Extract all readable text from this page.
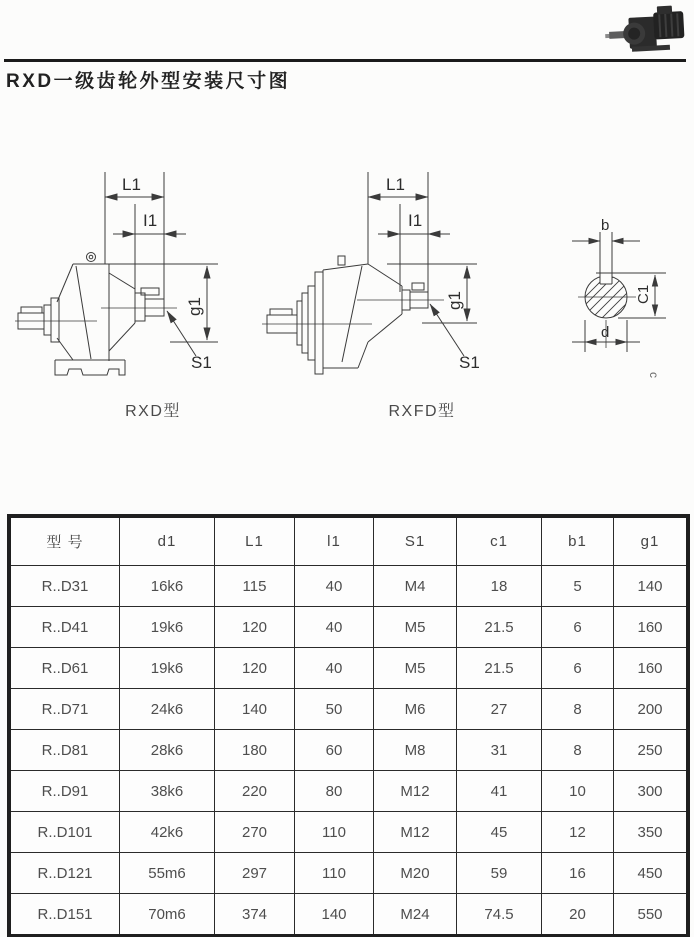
RXD一级齿轮外型安装尺寸图
L1
I1
g1
S1
RXD型
L1
I1
g1
S1
RXFD型
b
C1
d
c
型 号	d1	L1	l1	S1	c1	b1	g1
R..D31	16k6	115	40	M4	18	5	140
R..D41	19k6	120	40	M5	21.5	6	160
R..D61	19k6	120	40	M5	21.5	6	160
R..D71	24k6	140	50	M6	27	8	200
R..D81	28k6	180	60	M8	31	8	250
R..D91	38k6	220	80	M12	41	10	300
R..D101	42k6	270	110	M12	45	12	350
R..D121	55m6	297	110	M20	59	16	450
R..D151	70m6	374	140	M24	74.5	20	550
